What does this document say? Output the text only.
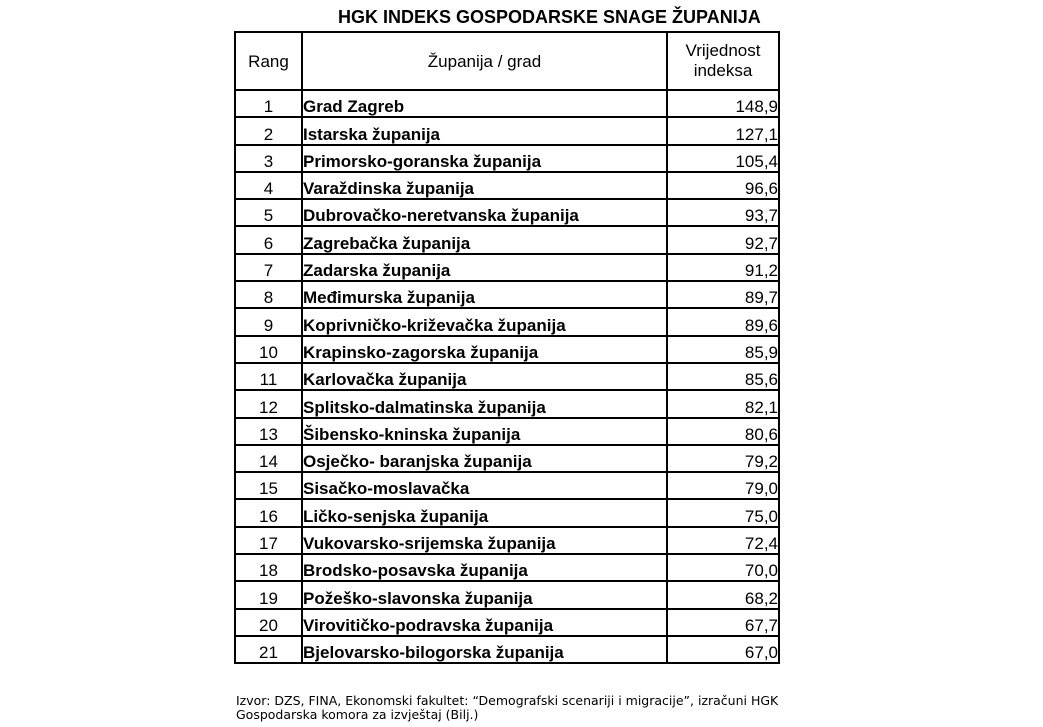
HGK INDEKS GOSPODARSKE SNAGE ŽUPANIJA
Rang	Županija / grad	Vrijednost
indeksa
1	Grad Zagreb	148,9
2	Istarska županija	127,1
3	Primorsko-goranska županija	105,4
4	Varaždinska županija	96,6
5	Dubrovačko-neretvanska županija	93,7
6	Zagrebačka županija	92,7
7	Zadarska županija	91,2
8	Međimurska županija	89,7
9	Koprivničko-križevačka županija	89,6
10	Krapinsko-zagorska županija	85,9
11	Karlovačka županija	85,6
12	Splitsko-dalmatinska županija	82,1
13	Šibensko-kninska županija	80,6
14	Osječko- baranjska županija	79,2
15	Sisačko-moslavačka	79,0
16	Ličko-senjska županija	75,0
17	Vukovarsko-srijemska županija	72,4
18	Brodsko-posavska županija	70,0
19	Požeško-slavonska županija	68,2
20	Virovitičko-podravska županija	67,7
21	Bjelovarsko-bilogorska županija	67,0
Izvor: DZS, FINA, Ekonomski fakultet: “Demografski scenariji i migracije”, izračuni HGK
Gospodarska komora za izvještaj (Bilj.)
